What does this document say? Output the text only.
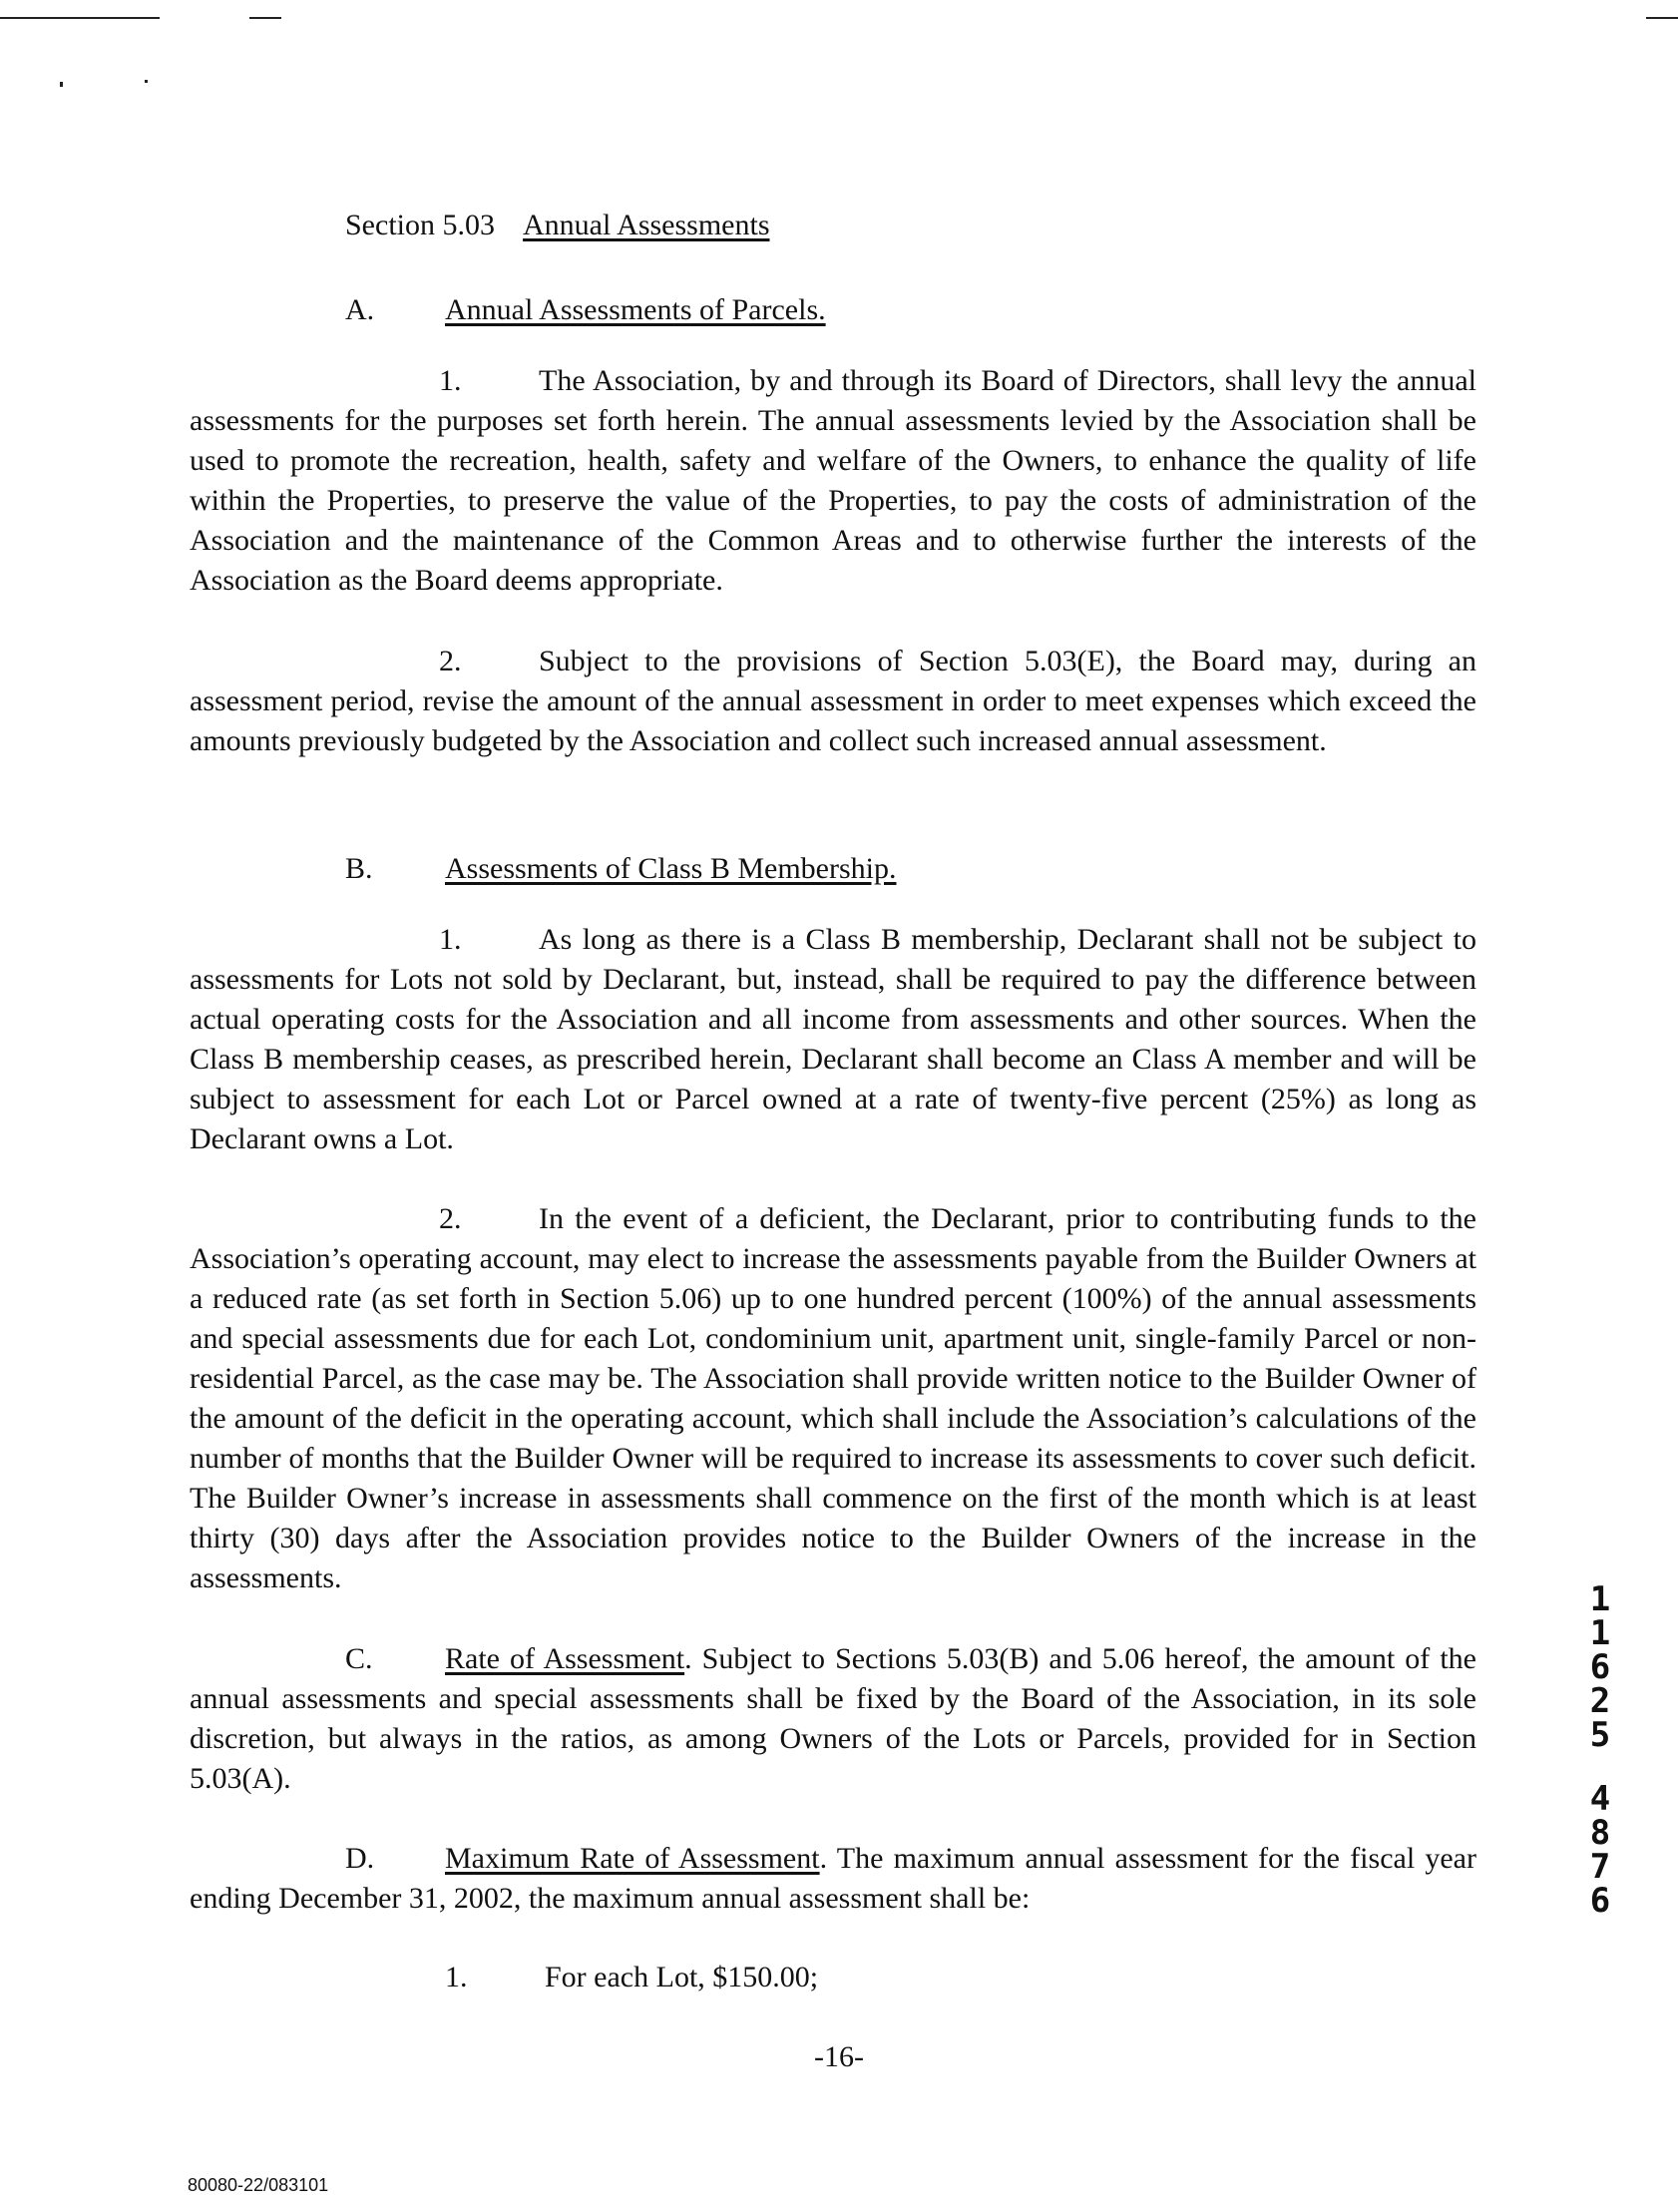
Section 5.03 Annual Assessments
A. Annual Assessments of Parcels.
1.	The Association, by and through its Board of Directors, shall levy the annual assessments for the purposes set forth herein. The annual assessments levied by the Association shall be used to promote the recreation, health, safety and welfare of the Owners, to enhance the quality of life within the Properties, to preserve the value of the Properties, to pay the costs of administration of the Association and the maintenance of the Common Areas and to otherwise further the interests of the Association as the Board deems appropriate.
2.	Subject to the provisions of Section 5.03(E), the Board may, during an assessment period, revise the amount of the annual assessment in order to meet expenses which exceed the amounts previously budgeted by the Association and collect such increased annual assessment.
B. Assessments of Class B Membership.
1.	As long as there is a Class B membership, Declarant shall not be subject to assessments for Lots not sold by Declarant, but, instead, shall be required to pay the difference between actual operating costs for the Association and all income from assessments and other sources. When the Class B membership ceases, as prescribed herein, Declarant shall become an Class A member and will be subject to assessment for each Lot or Parcel owned at a rate of twenty-five percent (25%) as long as Declarant owns a Lot.
2.	In the event of a deficient, the Declarant, prior to contributing funds to the Association’s operating account, may elect to increase the assessments payable from the Builder Owners at a reduced rate (as set forth in Section 5.06) up to one hundred percent (100%) of the annual assessments and special assessments due for each Lot, condominium unit, apartment unit, single-family Parcel or non-residential Parcel, as the case may be. The Association shall provide written notice to the Builder Owner of the amount of the deficit in the operating account, which shall include the Association’s calculations of the number of months that the Builder Owner will be required to increase its assessments to cover such deficit. The Builder Owner’s increase in assessments shall commence on the first of the month which is at least thirty (30) days after the Association provides notice to the Builder Owners of the increase in the assessments.
C. Rate of Assessment. Subject to Sections 5.03(B) and 5.06 hereof, the amount of the annual assessments and special assessments shall be fixed by the Board of the Association, in its sole discretion, but always in the ratios, as among Owners of the Lots or Parcels, provided for in Section 5.03(A).
D. Maximum Rate of Assessment. The maximum annual assessment for the fiscal year ending December 31, 2002, the maximum annual assessment shall be:
1.	For each Lot, $150.00;
-16-
80080-22/083101
1
1
6
2
5
4
8
7
6
